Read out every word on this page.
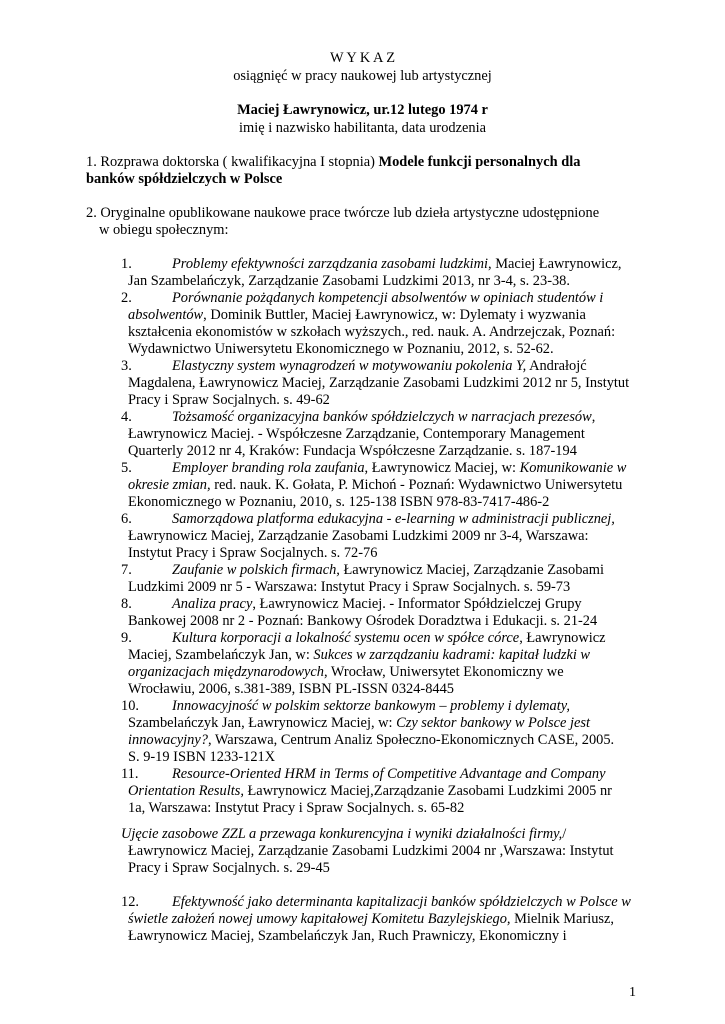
W Y K A Z
osiągnięć w pracy naukowej lub artystycznej
Maciej Ławrynowicz, ur.12 lutego 1974 r
imię i nazwisko habilitanta, data urodzenia
1. Rozprawa doktorska ( kwalifikacyjna I stopnia) Modele funkcji personalnych dla
banków spółdzielczych w Polsce
2. Oryginalne opublikowane naukowe prace twórcze lub dzieła artystyczne udostępnione
w obiegu społecznym:
1.	Problemy efektywności zarządzania zasobami ludzkimi, Maciej Ławrynowicz,
Jan Szambelańczyk, Zarządzanie Zasobami Ludzkimi 2013, nr 3-4, s. 23-38.
2.	Porównanie pożądanych kompetencji absolwentów w opiniach studentów i
absolwentów, Dominik Buttler, Maciej Ławrynowicz, w: Dylematy i wyzwania
kształcenia ekonomistów w szkołach wyższych., red. nauk. A. Andrzejczak, Poznań:
Wydawnictwo Uniwersytetu Ekonomicznego w Poznaniu, 2012, s. 52-62.
3.	Elastyczny system wynagrodzeń w motywowaniu pokolenia Y, Andrałojć
Magdalena, Ławrynowicz Maciej, Zarządzanie Zasobami Ludzkimi 2012 nr 5, Instytut
Pracy i Spraw Socjalnych. s. 49-62
4.	Tożsamość organizacyjna banków spółdzielczych w narracjach prezesów,
Ławrynowicz Maciej. - Współczesne Zarządzanie, Contemporary Management
Quarterly 2012 nr 4, Kraków: Fundacja Współczesne Zarządzanie. s. 187-194
5.	Employer branding rola zaufania, Ławrynowicz Maciej, w: Komunikowanie w
okresie zmian, red. nauk. K. Gołata, P. Michoń - Poznań: Wydawnictwo Uniwersytetu
Ekonomicznego w Poznaniu, 2010, s. 125-138 ISBN 978-83-7417-486-2
6.	Samorządowa platforma edukacyjna - e-learning w administracji publicznej,
Ławrynowicz Maciej, Zarządzanie Zasobami Ludzkimi 2009 nr 3-4, Warszawa:
Instytut Pracy i Spraw Socjalnych. s. 72-76
7.	Zaufanie w polskich firmach, Ławrynowicz Maciej, Zarządzanie Zasobami
Ludzkimi 2009 nr 5 - Warszawa: Instytut Pracy i Spraw Socjalnych. s. 59-73
8.	Analiza pracy, Ławrynowicz Maciej. - Informator Spółdzielczej Grupy
Bankowej 2008 nr 2 - Poznań: Bankowy Ośrodek Doradztwa i Edukacji. s. 21-24
9.	Kultura korporacji a lokalność systemu ocen w spółce córce, Ławrynowicz
Maciej, Szambelańczyk Jan, w: Sukces w zarządzaniu kadrami: kapitał ludzki w
organizacjach międzynarodowych, Wrocław, Uniwersytet Ekonomiczny we
Wrocławiu, 2006, s.381-389, ISBN PL-ISSN 0324-8445
10. Innowacyjność w polskim sektorze bankowym – problemy i dylematy,
Szambelańczyk Jan, Ławrynowicz Maciej, w: Czy sektor bankowy w Polsce jest
innowacyjny?, Warszawa, Centrum Analiz Społeczno-Ekonomicznych CASE, 2005.
S. 9-19 ISBN 1233-121X
11. Resource-Oriented HRM in Terms of Competitive Advantage and Company
Orientation Results, Ławrynowicz Maciej,Zarządzanie Zasobami Ludzkimi 2005 nr
1a, Warszawa: Instytut Pracy i Spraw Socjalnych. s. 65-82
Ujęcie zasobowe ZZL a przewaga konkurencyjna i wyniki działalności firmy,/
Ławrynowicz Maciej, Zarządzanie Zasobami Ludzkimi 2004 nr ,Warszawa: Instytut
Pracy i Spraw Socjalnych. s. 29-45
12. Efektywność jako determinanta kapitalizacji banków spółdzielczych w Polsce w
świetle założeń nowej umowy kapitałowej Komitetu Bazylejskiego, Mielnik Mariusz,
Ławrynowicz Maciej, Szambelańczyk Jan, Ruch Prawniczy, Ekonomiczny i
1
